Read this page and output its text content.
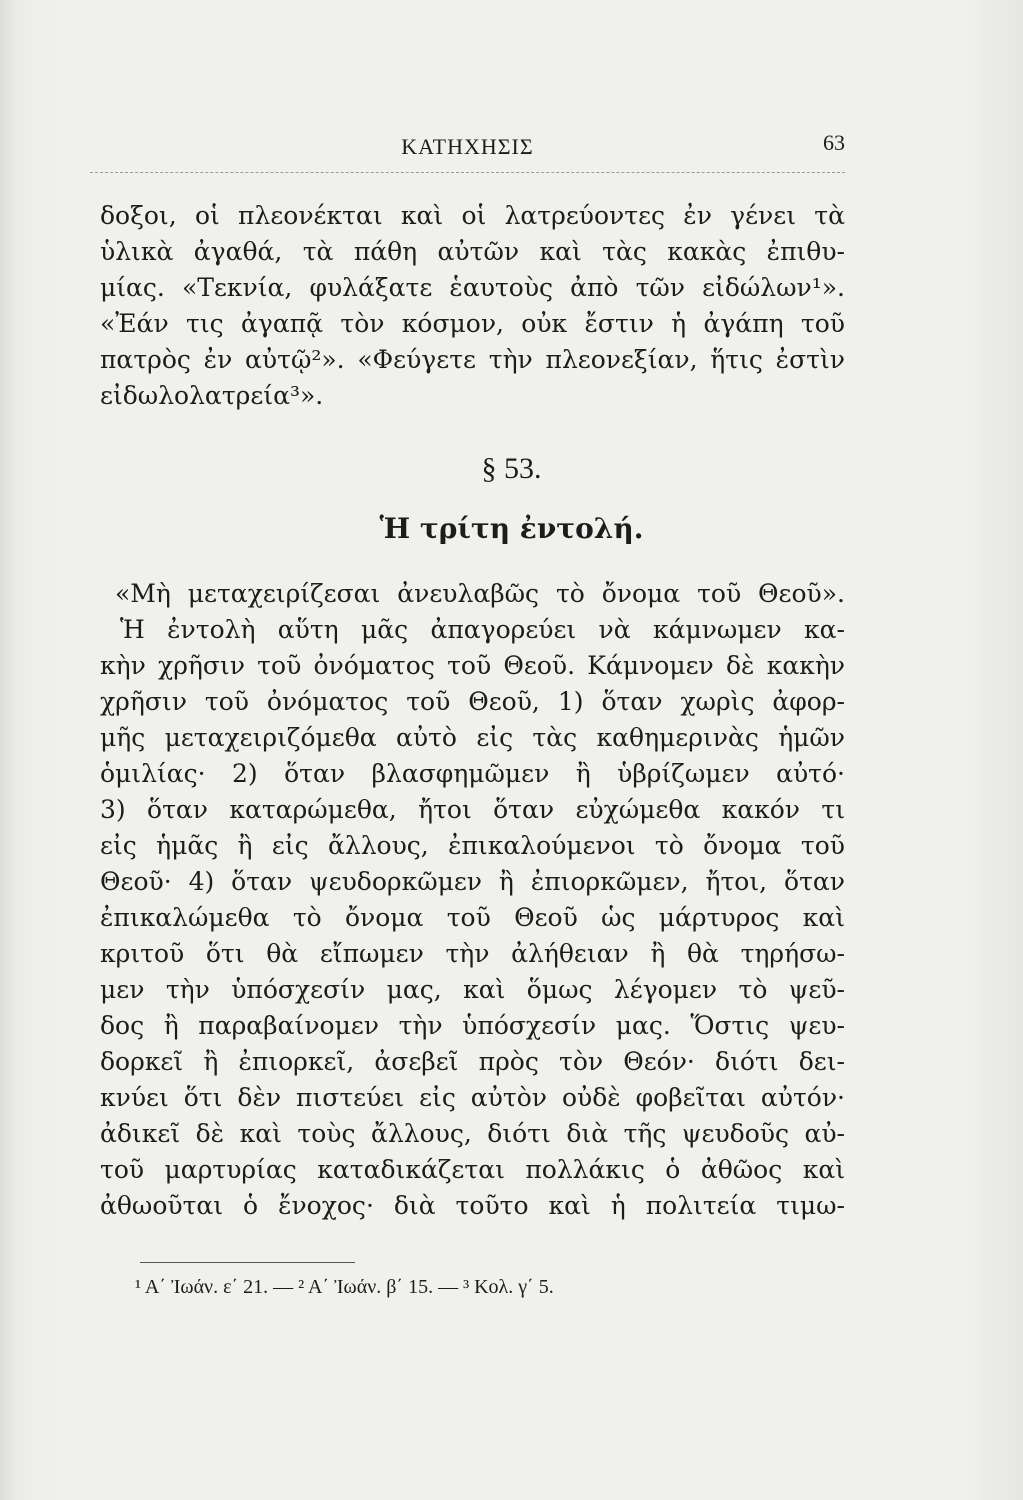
ΚΑΤΗΧΗΣΙΣ	63
δοξοι, οἱ πλεονέκται καὶ οἱ λατρεύοντες ἐν γένει τὰ
ὑλικὰ ἀγαθά, τὰ πάθη αὐτῶν καὶ τὰς κακὰς ἐπιθυ-
μίας. «Τεκνία, φυλάξατε ἑαυτοὺς ἀπὸ τῶν εἰδώλων¹».
«Ἐάν τις ἀγαπᾷ τὸν κόσμον, οὐκ ἔστιν ἡ ἀγάπη τοῦ
πατρὸς ἐν αὐτῷ²». «Φεύγετε τὴν πλεονεξίαν, ἥτις ἐστὶν
εἰδωλολατρεία³».
§ 53.
Ἡ τρίτη ἐντολή.
«Μὴ μεταχειρίζεσαι ἀνευλαβῶς τὸ ὄνομα τοῦ Θεοῦ».
Ἡ ἐντολὴ αὕτη μᾶς ἀπαγορεύει νὰ κάμνωμεν κα-
κὴν χρῆσιν τοῦ ὀνόματος τοῦ Θεοῦ. Κάμνομεν δὲ κακὴν
χρῆσιν τοῦ ὀνόματος τοῦ Θεοῦ, 1) ὅταν χωρὶς ἀφορ-
μῆς μεταχειριζόμεθα αὐτὸ εἰς τὰς καθημερινὰς ἡμῶν
ὁμιλίας· 2) ὅταν βλασφημῶμεν ἢ ὑβρίζωμεν αὐτό·
3) ὅταν καταρώμεθα, ἤτοι ὅταν εὐχώμεθα κακόν τι
εἰς ἡμᾶς ἢ εἰς ἄλλους, ἐπικαλούμενοι τὸ ὄνομα τοῦ
Θεοῦ· 4) ὅταν ψευδορκῶμεν ἢ ἐπιορκῶμεν, ἤτοι, ὅταν
ἐπικαλώμεθα τὸ ὄνομα τοῦ Θεοῦ ὡς μάρτυρος καὶ
κριτοῦ ὅτι θὰ εἴπωμεν τὴν ἀλήθειαν ἢ θὰ τηρήσω-
μεν τὴν ὑπόσχεσίν μας, καὶ ὅμως λέγομεν τὸ ψεῦ-
δος ἢ παραβαίνομεν τὴν ὑπόσχεσίν μας. Ὅστις ψευ-
δορκεῖ ἢ ἐπιορκεῖ, ἀσεβεῖ πρὸς τὸν Θεόν· διότι δει-
κνύει ὅτι δὲν πιστεύει εἰς αὐτὸν οὐδὲ φοβεῖται αὐτόν·
ἀδικεῖ δὲ καὶ τοὺς ἄλλους, διότι διὰ τῆς ψευδοῦς αὐ-
τοῦ μαρτυρίας καταδικάζεται πολλάκις ὁ ἀθῶος καὶ
ἀθωοῦται ὁ ἔνοχος· διὰ τοῦτο καὶ ἡ πολιτεία τιμω-
¹ Α΄ Ἰωάν. ε΄ 21. — ² Α΄ Ἰωάν. β΄ 15. — ³ Κολ. γ΄ 5.
